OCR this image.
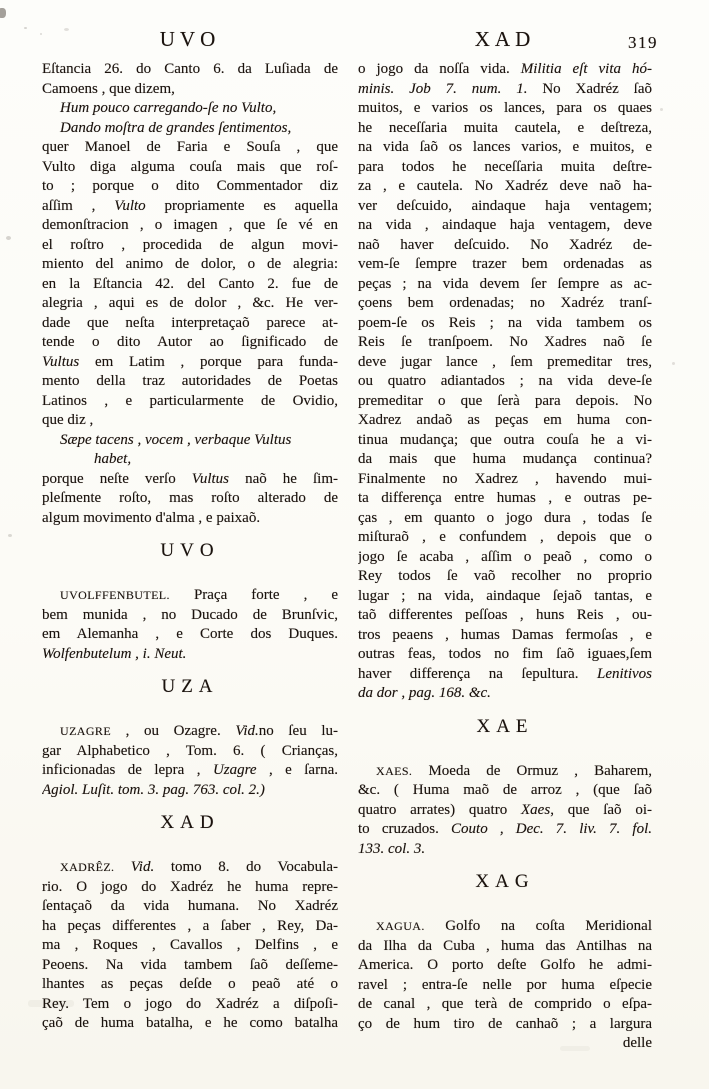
UVO	XAD	319
Eſtancia 26. do Canto 6. da Luſiada de
Camoens , que dizem,
Hum pouco carregando-ſe no Vulto,
Dando moſtra de grandes ſentimentos,
quer Manoel de Faria e Souſa , que
Vulto diga alguma couſa mais que roſ-
to ; porque o dito Commentador diz
aſſim , Vulto propriamente es aquella
demonſtracion , o imagen , que ſe vé en
el roſtro , procedida de algun movi-
miento del animo de dolor, o de alegria:
en la Eſtancia 42. del Canto 2. fue de
alegria , aqui es de dolor , &c. He ver-
dade que neſta interpretaçaõ parece at-
tende o dito Autor ao ſignificado de
Vultus em Latim , porque para funda-
mento della traz autoridades de Poetas
Latinos , e particularmente de Ovidio,
que diz ,
Sæpe tacens , vocem , verbaque Vultus
habet,
porque neſte verſo Vultus naõ he ſim-
pleſmente roſto, mas roſto alterado de
algum movimento d'alma , e paixaõ.
UVO
UVOLFFENBUTEL. Praça forte , e
bem munida , no Ducado de Brunſvic,
em Alemanha , e Corte dos Duques.
Wolfenbutelum , i. Neut.
UZA
UZAGRE , ou Ozagre. Vid.no ſeu lu-
gar Alphabetico , Tom. 6. ( Crianças,
inficionadas de lepra , Uzagre , e ſarna.
Agiol. Luſit. tom. 3. pag. 763. col. 2.)
XAD
XADRÊZ. Vid. tomo 8. do Vocabula-
rio. O jogo do Xadréz he huma repre-
ſentaçaõ da vida humana. No Xadréz
ha peças differentes , a ſaber , Rey, Da-
ma , Roques , Cavallos , Delfins , e
Peoens. Na vida tambem ſaõ deſſeme-
lhantes as peças deſde o peaõ até o
Rey. Tem o jogo do Xadréz a diſpoſi-
çaõ de huma batalha, e he como batalha
o jogo da noſſa vida. Militia eſt vita hó-
minis. Job 7. num. 1. No Xadréz ſaõ
muitos, e varios os lances, para os quaes
he neceſſaria muita cautela, e deſtreza,
na vida ſaõ os lances varios, e muitos, e
para todos he neceſſaria muita deſtre-
za , e cautela. No Xadréz deve naõ ha-
ver deſcuido, aindaque haja ventagem;
na vida , aindaque haja ventagem, deve
naõ haver deſcuido. No Xadréz de-
vem-ſe ſempre trazer bem ordenadas as
peças ; na vida devem ſer ſempre as ac-
çoens bem ordenadas; no Xadréz tranſ-
poem-ſe os Reis ; na vida tambem os
Reis ſe tranſpoem. No Xadres naõ ſe
deve jugar lance , ſem premeditar tres,
ou quatro adiantados ; na vida deve-ſe
premeditar o que ſerà para depois. No
Xadrez andaõ as peças em huma con-
tinua mudança; que outra couſa he a vi-
da mais que huma mudança continua?
Finalmente no Xadrez , havendo mui-
ta differença entre humas , e outras pe-
ças , em quanto o jogo dura , todas ſe
miſturaõ , e confundem , depois que o
jogo ſe acaba , aſſim o peaõ , como o
Rey todos ſe vaõ recolher no proprio
lugar ; na vida, aindaque ſejaõ tantas, e
taõ differentes peſſoas , huns Reis , ou-
tros peaens , humas Damas fermoſas , e
outras feas, todos no fim ſaõ iguaes,ſem
haver differença na ſepultura. Lenitivos
da dor , pag. 168. &c.
XAE
XAES. Moeda de Ormuz , Baharem,
&c. ( Huma maõ de arroz , (que ſaõ
quatro arrates) quatro Xaes, que ſaõ oi-
to cruzados. Couto , Dec. 7. liv. 7. fol.
133. col. 3.
XAG
XAGUA. Golfo na coſta Meridional
da Ilha da Cuba , huma das Antilhas na
America. O porto deſte Golfo he admi-
ravel ; entra-ſe nelle por huma eſpecie
de canal , que terà de comprido o eſpa-
ço de hum tiro de canhaõ ; a largura
delle
